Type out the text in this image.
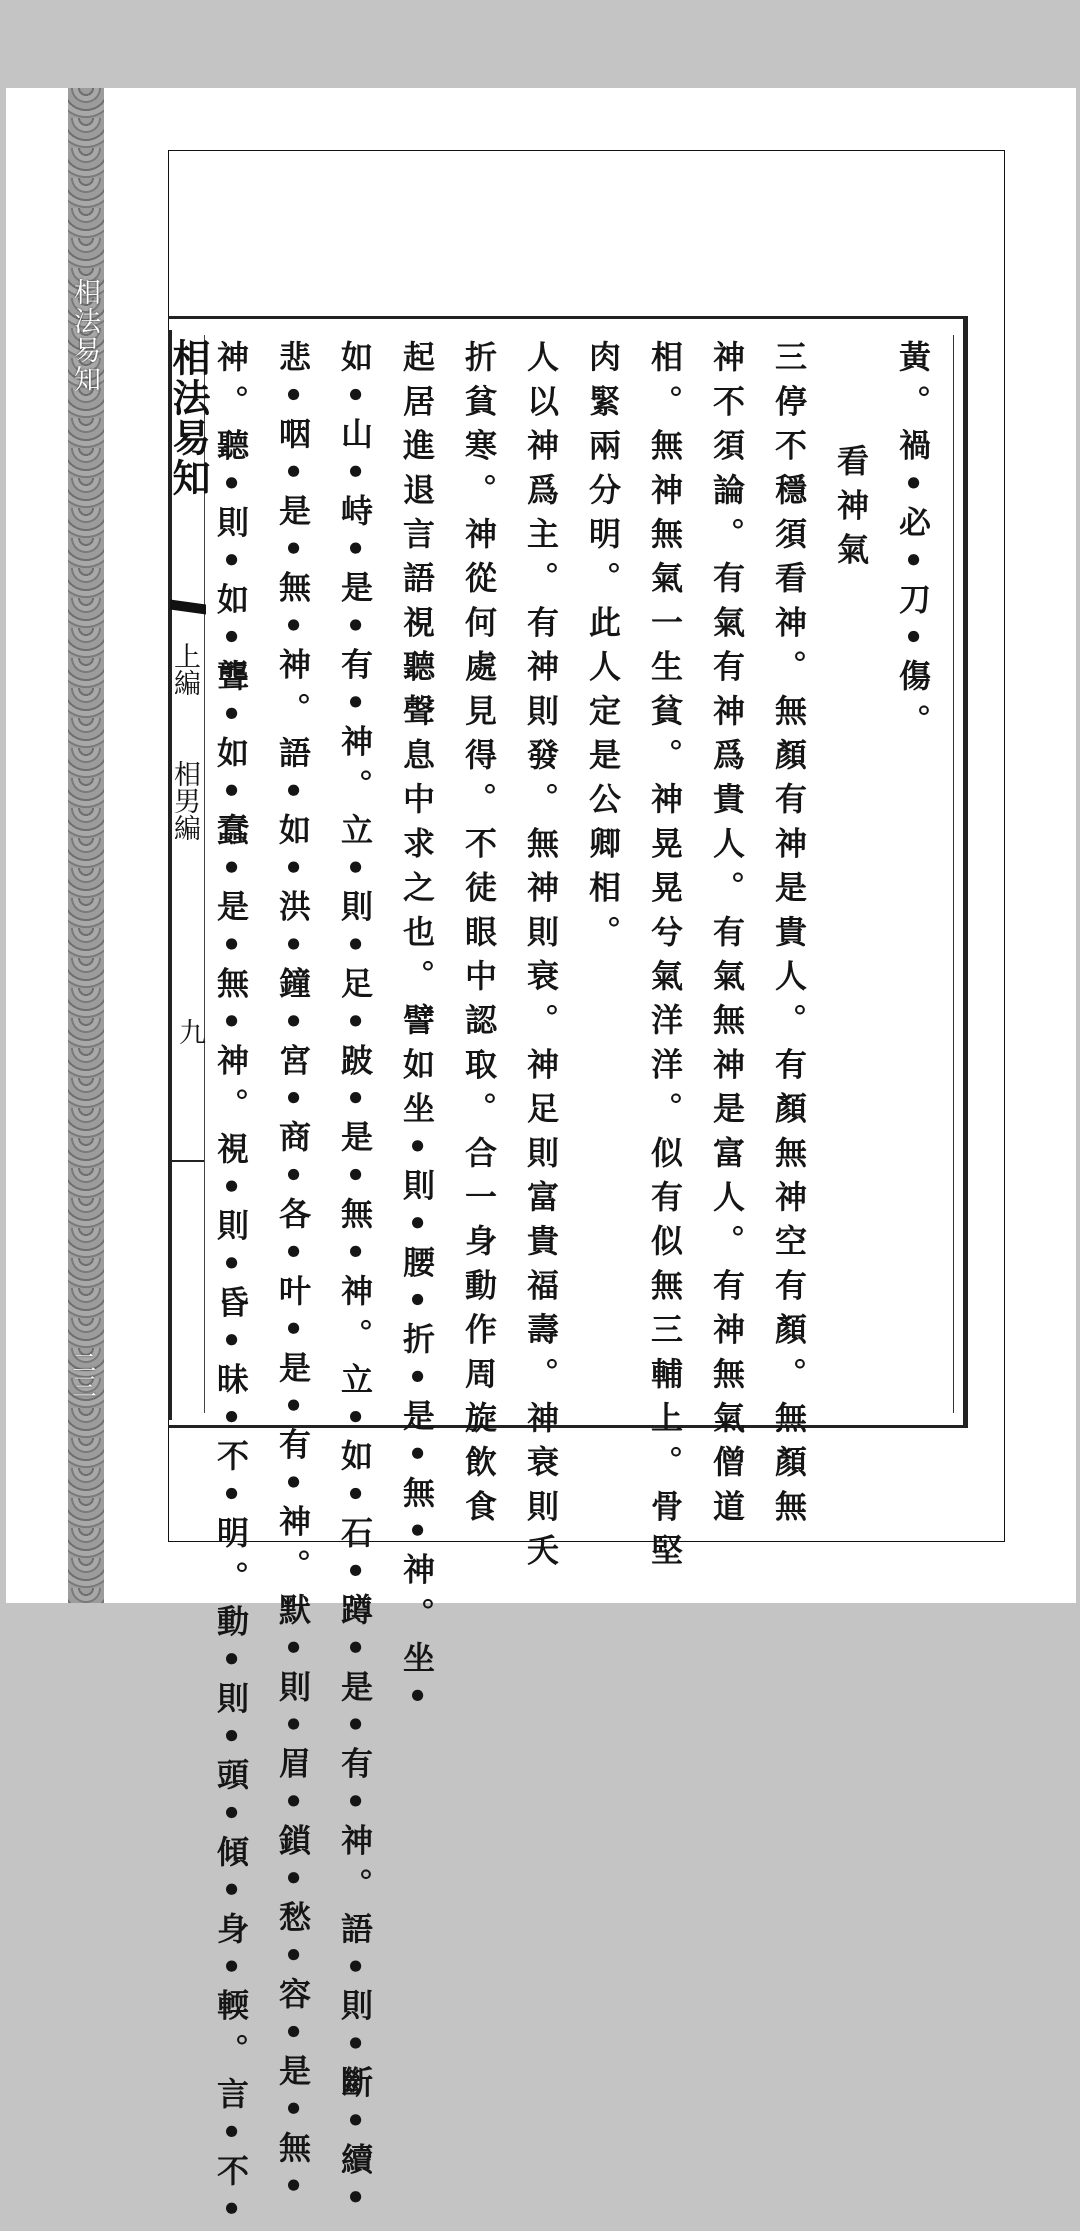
相法易知
二三
相法易知
上編
相男編
九
黃。禍•必•刀•傷。
看神氣
三停不穩須看神。無顏有神是貴人。有顏無神空有顏。無顏無
神不須論。有氣有神爲貴人。有氣無神是富人。有神無氣僧道
相。無神無氣一生貧。神晃晃兮氣洋洋。似有似無三輔上。骨堅
肉緊兩分明。此人定是公卿相。
人以神爲主。有神則發。無神則衰。神足則富貴福壽。神衰則夭
折貧寒。神從何處見得。不徒眼中認取。合一身動作周旋飲食
起居進退言語視聽聲息中求之也。譬如坐•則•腰•折•是•無•神。坐•
如•山•峙•是•有•神。立•則•足•跛•是•無•神。立•如•石•蹲•是•有•神。語•則•斷•續•
悲•咽•是•無•神。語•如•洪•鐘•宮•商•各•叶•是•有•神。默•則•眉•鎖•愁•容•是•無•
神。聽•則•如•聾•如•蠢•是•無•神。視•則•昏•昧•不•明。動•則•頭•傾•身•輭。言•不•
